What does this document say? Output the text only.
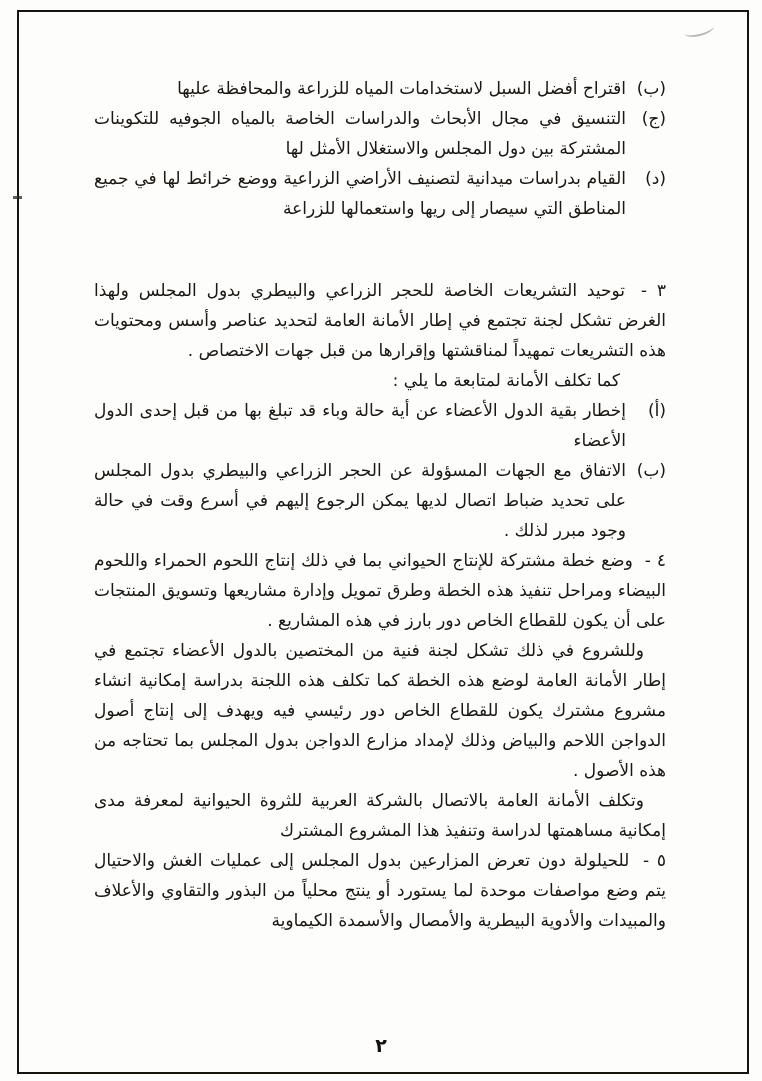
(ب)
اقتراح أفضل السبل لاستخدامات المياه للزراعة والمحافظة عليها
(ج)
التنسيق في مجال الأبحاث والدراسات الخاصة بالمياه الجوفيه للتكوينات المشتركة بين دول المجلس والاستغلال الأمثل لها
(د)
القيام بدراسات ميدانية لتصنيف الأراضي الزراعية ووضع خرائط لها في جميع المناطق التي سيصار إلى ريها واستعمالها للزراعة

٣ - توحيد التشريعات الخاصة للحجر الزراعي والبيطري بدول المجلس ولهذا الغرض تشكل لجنة تجتمع في إطار الأمانة العامة لتحديد عناصر وأسس ومحتويات هذه التشريعات تمهيداً لمناقشتها وإقرارها من قبل جهات الاختصاص .

كما تكلف الأمانة لمتابعة ما يلي :

(أ)
إخطار بقية الدول الأعضاء عن أية حالة وباء قد تبلغ بها من قبل إحدى الدول الأعضاء
(ب)
الاتفاق مع الجهات المسؤولة عن الحجر الزراعي والبيطري بدول المجلس على تحديد ضباط اتصال لديها يمكن الرجوع إليهم في أسرع وقت في حالة وجود مبرر لذلك .

٤ - وضع خطة مشتركة للإنتاج الحيواني بما في ذلك إنتاج اللحوم الحمراء واللحوم البيضاء ومراحل تنفيذ هذه الخطة وطرق تمويل وإدارة مشاريعها وتسويق المنتجات على أن يكون للقطاع الخاص دور بارز في هذه المشاريع .

وللشروع في ذلك تشكل لجنة فنية من المختصين بالدول الأعضاء تجتمع في إطار الأمانة العامة لوضع هذه الخطة كما تكلف هذه اللجنة بدراسة إمكانية انشاء مشروع مشترك يكون للقطاع الخاص دور رئيسي فيه ويهدف إلى إنتاج أصول الدواجن اللاحم والبياض وذلك لإمداد مزارع الدواجن بدول المجلس بما تحتاجه من هذه الأصول .

وتكلف الأمانة العامة بالاتصال بالشركة العربية للثروة الحيوانية لمعرفة مدى إمكانية مساهمتها لدراسة وتنفيذ هذا المشروع المشترك

٥ - للحيلولة دون تعرض المزارعين بدول المجلس إلى عمليات الغش والاحتيال يتم وضع مواصفات موحدة لما يستورد أو ينتج محلياً من البذور والتقاوي والأعلاف والمبيدات والأدوية البيطرية والأمصال والأسمدة الكيماوية

٢
